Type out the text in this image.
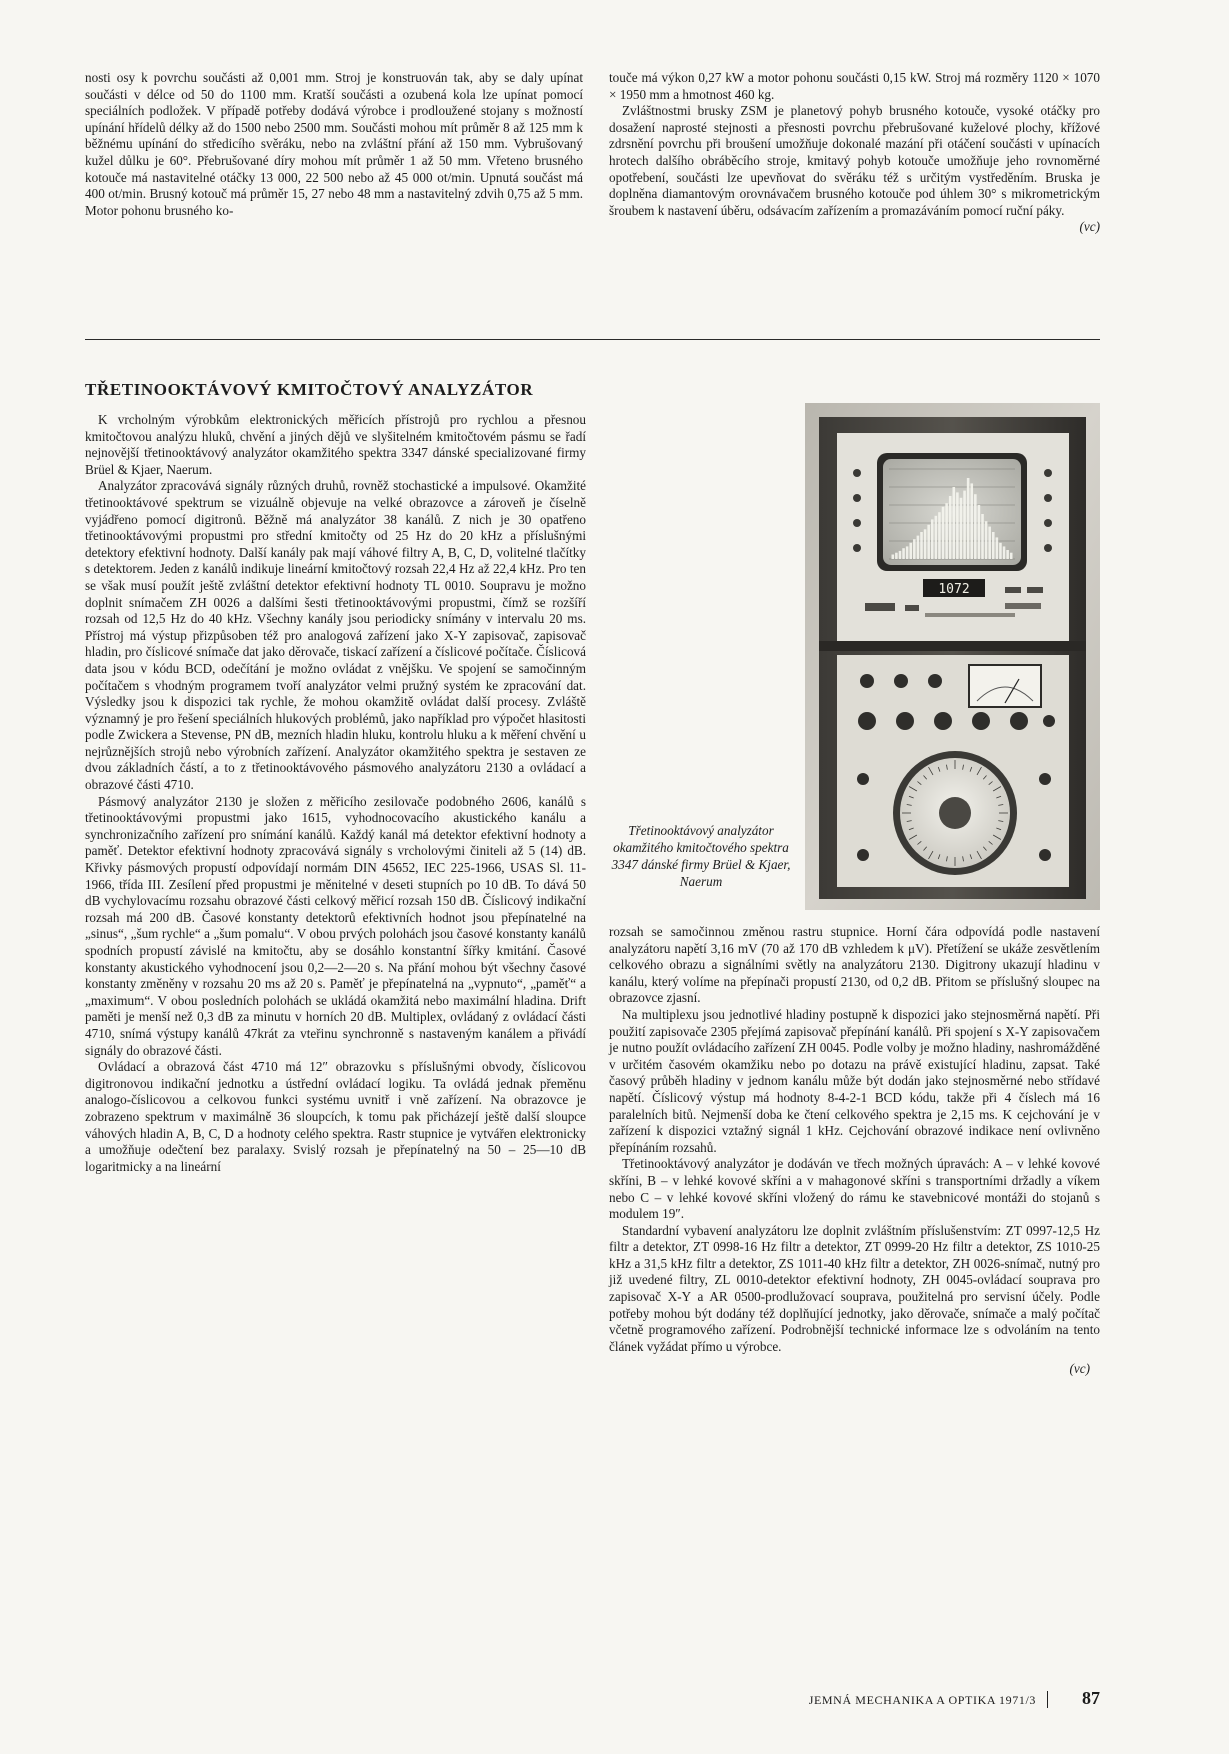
nosti osy k povrchu součásti až 0,001 mm. Stroj je konstruován tak, aby se daly upínat součásti v délce od 50 do 1100 mm. Kratší součásti a ozubená kola lze upínat pomocí speciálních podložek. V případě potřeby dodává výrobce i prodloužené stojany s možností upínání hřídelů délky až do 1500 nebo 2500 mm. Součásti mohou mít průměr 8 až 125 mm k běžnému upínání do středicího svěráku, nebo na zvláštní přání až 150 mm. Vybrušovaný kužel důlku je 60°. Přebrušované díry mohou mít průměr 1 až 50 mm. Vřeteno brusného kotouče má nastavitelné otáčky 13 000, 22 500 nebo až 45 000 ot/min. Upnutá součást má 400 ot/min. Brusný kotouč má průměr 15, 27 nebo 48 mm a nastavitelný zdvih 0,75 až 5 mm. Motor pohonu brusného ko-

touče má výkon 0,27 kW a motor pohonu součásti 0,15 kW. Stroj má rozměry 1120 × 1070 × 1950 mm a hmotnost 460 kg.

Zvláštnostmi brusky ZSM je planetový pohyb brusného kotouče, vysoké otáčky pro dosažení naprosté stejnosti a přesnosti povrchu přebrušované kuželové plochy, křížové zdrsnění povrchu při broušení umožňuje dokonalé mazání při otáčení součásti v upínacích hrotech dalšího obráběcího stroje, kmitavý pohyb kotouče umožňuje jeho rovnoměrné opotřebení, součásti lze upevňovat do svěráku též s určitým vystředěním. Bruska je doplněna diamantovým orovnávačem brusného kotouče pod úhlem 30° s mikrometrickým šroubem k nastavení úběru, odsávacím zařízením a promazáváním pomocí ruční páky.

(vc)
TŘETINOOKTÁVOVÝ KMITOČTOVÝ ANALYZÁTOR

K vrcholným výrobkům elektronických měřicích přístrojů pro rychlou a přesnou kmitočtovou analýzu hluků, chvění a jiných dějů ve slyšitelném kmitočtovém pásmu se řadí nejnovější třetinooktávový analyzátor okamžitého spektra 3347 dánské specializované firmy Brüel & Kjaer, Naerum.

Analyzátor zpracovává signály různých druhů, rovněž stochastické a impulsové. Okamžité třetinooktávové spektrum se vizuálně objevuje na velké obrazovce a zároveň je číselně vyjádřeno pomocí digitronů. Běžně má analyzátor 38 kanálů. Z nich je 30 opatřeno třetinooktávovými propustmi pro střední kmitočty od 25 Hz do 20 kHz a příslušnými detektory efektivní hodnoty. Další kanály pak mají váhové filtry A, B, C, D, volitelné tlačítky s detektorem. Jeden z kanálů indikuje lineární kmitočtový rozsah 22,4 Hz až 22,4 kHz. Pro ten se však musí použít ještě zvláštní detektor efektivní hodnoty TL 0010. Soupravu je možno doplnit snímačem ZH 0026 a dalšími šesti třetinooktávovými propustmi, čímž se rozšíří rozsah od 12,5 Hz do 40 kHz. Všechny kanály jsou periodicky snímány v intervalu 20 ms. Přístroj má výstup přizpůsoben též pro analogová zařízení jako X-Y zapisovač, zapisovač hladin, pro číslicové snímače dat jako děrovače, tiskací zařízení a číslicové počítače. Číslicová data jsou v kódu BCD, odečítání je možno ovládat z vnějšku. Ve spojení se samočinným počítačem s vhodným programem tvoří analyzátor velmi pružný systém ke zpracování dat. Výsledky jsou k dispozici tak rychle, že mohou okamžitě ovládat další procesy. Zvláště významný je pro řešení speciálních hlukových problémů, jako například pro výpočet hlasitosti podle Zwickera a Stevense, PN dB, mezních hladin hluku, kontrolu hluku a k měření chvění u nejrůznějších strojů nebo výrobních zařízení. Analyzátor okamžitého spektra je sestaven ze dvou základních částí, a to z třetinooktávového pásmového analyzátoru 2130 a ovládací a obrazové části 4710.

Pásmový analyzátor 2130 je složen z měřicího zesilovače podobného 2606, kanálů s třetinooktávovými propustmi jako 1615, vyhodnocovacího akustického kanálu a synchronizačního zařízení pro snímání kanálů. Každý kanál má detektor efektivní hodnoty a paměť. Detektor efektivní hodnoty zpracovává signály s vrcholovými činiteli až 5 (14) dB. Křivky pásmových propustí odpovídají normám DIN 45652, IEC 225-1966, USAS Sl. 11-1966, třída III. Zesílení před propustmi je měnitelné v deseti stupních po 10 dB. To dává 50 dB vychylovacímu rozsahu obrazové části celkový měřicí rozsah 150 dB. Číslicový indikační rozsah má 200 dB. Časové konstanty detektorů efektivních hodnot jsou přepínatelné na „sinus“, „šum rychle“ a „šum pomalu“. V obou prvých polohách jsou časové konstanty kanálů spodních propustí závislé na kmitočtu, aby se dosáhlo konstantní šířky kmitání. Časové konstanty akustického vyhodnocení jsou 0,2—2—20 s. Na přání mohou být všechny časové konstanty změněny v rozsahu 20 ms až 20 s. Paměť je přepínatelná na „vypnuto“, „paměť“ a „maximum“. V obou posledních polohách se ukládá okamžitá nebo maximální hladina. Drift paměti je menší než 0,3 dB za minutu v horních 20 dB. Multiplex, ovládaný z ovládací části 4710, snímá výstupy kanálů 47krát za vteřinu synchronně s nastaveným kanálem a přivádí signály do obrazové části.

Ovládací a obrazová část 4710 má 12″ obrazovku s příslušnými obvody, číslicovou digitronovou indikační jednotku a ústřední ovládací logiku. Ta ovládá jednak přeměnu analogo-číslicovou a celkovou funkci systému uvnitř i vně zařízení. Na obrazovce je zobrazeno spektrum v maximálně 36 sloupcích, k tomu pak přicházejí ještě další sloupce váhových hladin A, B, C, D a hodnoty celého spektra. Rastr stupnice je vytvářen elektronicky a umožňuje odečtení bez paralaxy. Svislý rozsah je přepínatelný na 50 – 25—10 dB logaritmicky a na lineární

1072

Třetinooktávový analyzátor okamžitého kmitočtového spektra 3347 dánské firmy Brüel & Kjaer, Naerum

rozsah se samočinnou změnou rastru stupnice. Horní čára odpovídá podle nastavení analyzátoru napětí 3,16 mV (70 až 170 dB vzhledem k μV). Přetížení se ukáže zesvětlením celkového obrazu a signálními světly na analyzátoru 2130. Digitrony ukazují hladinu v kanálu, který volíme na přepínači propustí 2130, od 0,2 dB. Přitom se příslušný sloupec na obrazovce zjasní.

Na multiplexu jsou jednotlivé hladiny postupně k dispozici jako stejnosměrná napětí. Při použití zapisovače 2305 přejímá zapisovač přepínání kanálů. Při spojení s X-Y zapisovačem je nutno použít ovládacího zařízení ZH 0045. Podle volby je možno hladiny, nashromážděné v určitém časovém okamžiku nebo po dotazu na právě existující hladinu, zapsat. Také časový průběh hladiny v jednom kanálu může být dodán jako stejnosměrné nebo střídavé napětí. Číslicový výstup má hodnoty 8-4-2-1 BCD kódu, takže při 4 číslech má 16 paralelních bitů. Nejmenší doba ke čtení celkového spektra je 2,15 ms. K cejchování je v zařízení k dispozici vztažný signál 1 kHz. Cejchování obrazové indikace není ovlivněno přepínáním rozsahů.

Třetinooktávový analyzátor je dodáván ve třech možných úpravách: A – v lehké kovové skříni, B – v lehké kovové skříni a v mahagonové skříni s transportními držadly a víkem nebo C – v lehké kovové skříni vložený do rámu ke stavebnicové montáži do stojanů s modulem 19″.

Standardní vybavení analyzátoru lze doplnit zvláštním příslušenstvím: ZT 0997-12,5 Hz filtr a detektor, ZT 0998-16 Hz filtr a detektor, ZT 0999-20 Hz filtr a detektor, ZS 1010-25 kHz a 31,5 kHz filtr a detektor, ZS 1011-40 kHz filtr a detektor, ZH 0026-snímač, nutný pro již uvedené filtry, ZL 0010-detektor efektivní hodnoty, ZH 0045-ovládací souprava pro zapisovač X-Y a AR 0500-prodlužovací souprava, použitelná pro servisní účely. Podle potřeby mohou být dodány též doplňující jednotky, jako děrovače, snímače a malý počítač včetně programového zařízení. Podrobnější technické informace lze s odvoláním na tento článek vyžádat přímo u výrobce.

(vc)
JEMNÁ MECHANIKA A OPTIKA 1971/3	87
